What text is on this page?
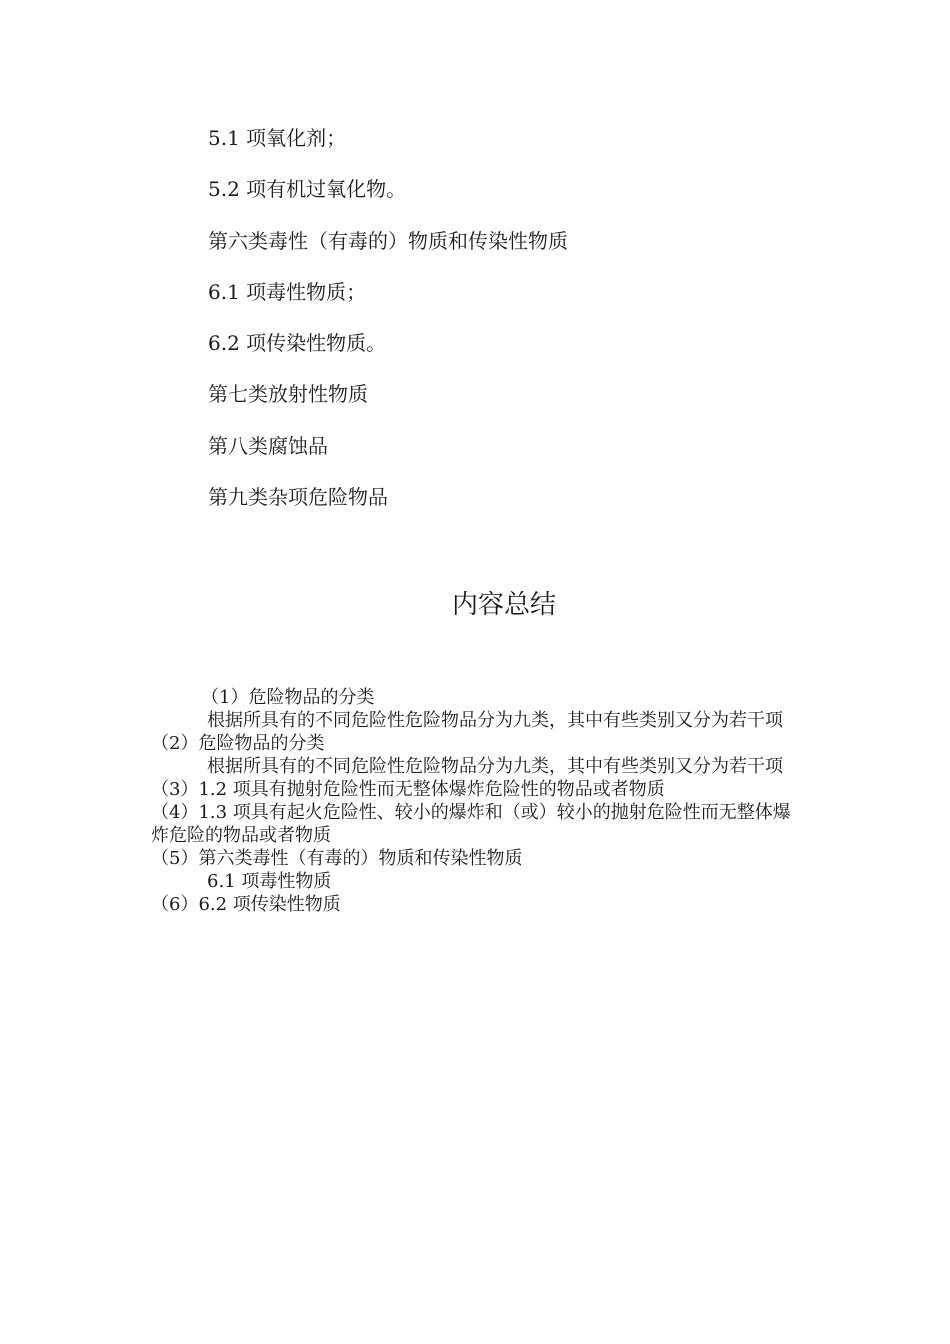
5.1 项氧化剂；
5.2 项有机过氧化物。
第六类毒性（有毒的）物质和传染性物质
6.1 项毒性物质；
6.2 项传染性物质。
第七类放射性物质
第八类腐蚀品
第九类杂项危险物品
内容总结

（1）危险物品的分类

根据所具有的不同危险性危险物品分为九类，其中有些类别又分为若干项

（2）危险物品的分类

根据所具有的不同危险性危险物品分为九类，其中有些类别又分为若干项

（3）1.2 项具有抛射危险性而无整体爆炸危险性的物品或者物质

（4）1.3 项具有起火危险性、较小的爆炸和（或）较小的抛射危险性而无整体爆炸危险的物品或者物质

（5）第六类毒性（有毒的）物质和传染性物质

6.1 项毒性物质

（6）6.2 项传染性物质
